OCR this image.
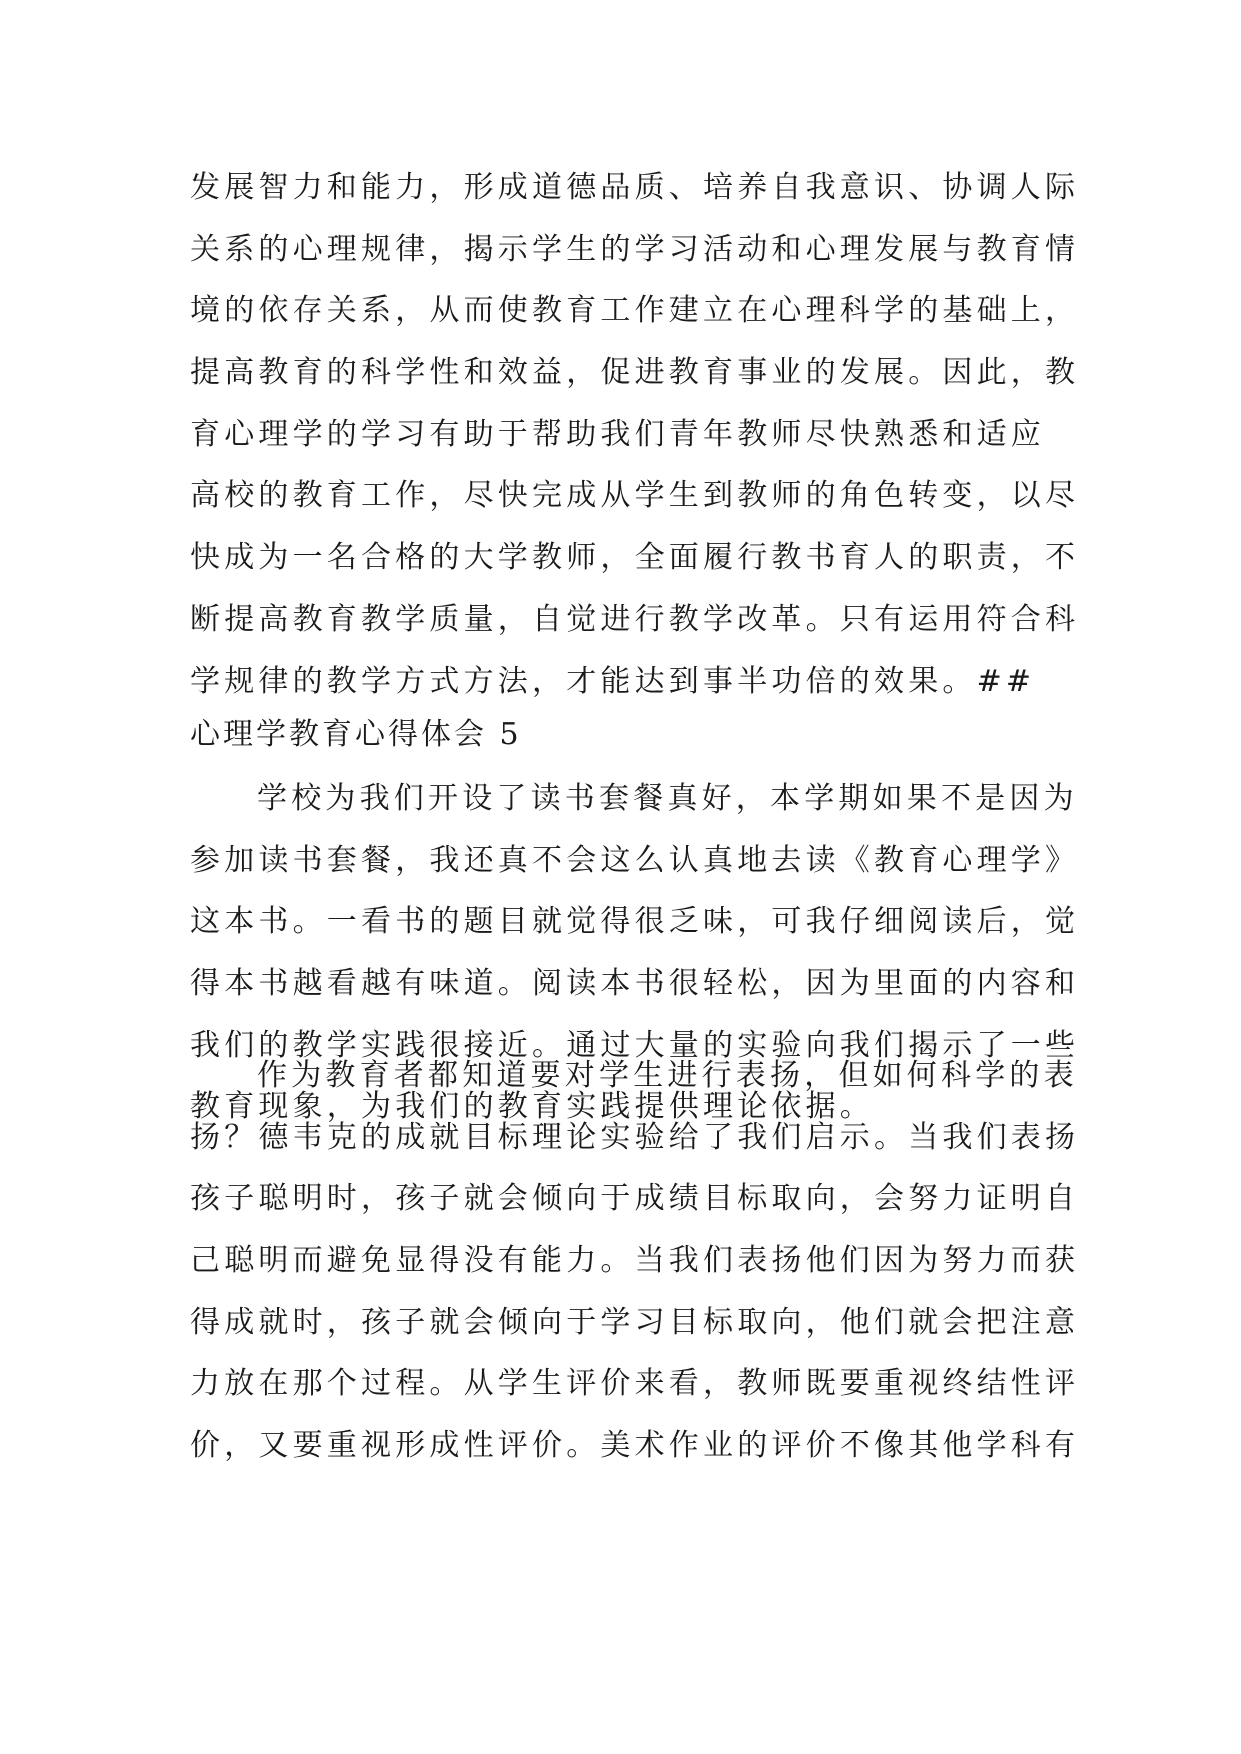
发展智力和能力，形成道德品质、培养自我意识、协调人际
关系的心理规律，揭示学生的学习活动和心理发展与教育情
境的依存关系，从而使教育工作建立在心理科学的基础上，
提高教育的科学性和效益，促进教育事业的发展。因此，教
育心理学的学习有助于帮助我们青年教师尽快熟悉和适应
高校的教育工作，尽快完成从学生到教师的角色转变，以尽
快成为一名合格的大学教师，全面履行教书育人的职责，不
断提高教育教学质量，自觉进行教学改革。只有运用符合科
学规律的教学方式方法，才能达到事半功倍的效果。##
心理学教育心得体会 5
学校为我们开设了读书套餐真好，本学期如果不是因为
参加读书套餐，我还真不会这么认真地去读《教育心理学》
这本书。一看书的题目就觉得很乏味，可我仔细阅读后，觉
得本书越看越有味道。阅读本书很轻松，因为里面的内容和
我们的教学实践很接近。通过大量的实验向我们揭示了一些
教育现象，为我们的教育实践提供理论依据。
作为教育者都知道要对学生进行表扬，但如何科学的表
扬？德韦克的成就目标理论实验给了我们启示。当我们表扬
孩子聪明时，孩子就会倾向于成绩目标取向，会努力证明自
己聪明而避免显得没有能力。当我们表扬他们因为努力而获
得成就时，孩子就会倾向于学习目标取向，他们就会把注意
力放在那个过程。从学生评价来看，教师既要重视终结性评
价，又要重视形成性评价。美术作业的评价不像其他学科有
